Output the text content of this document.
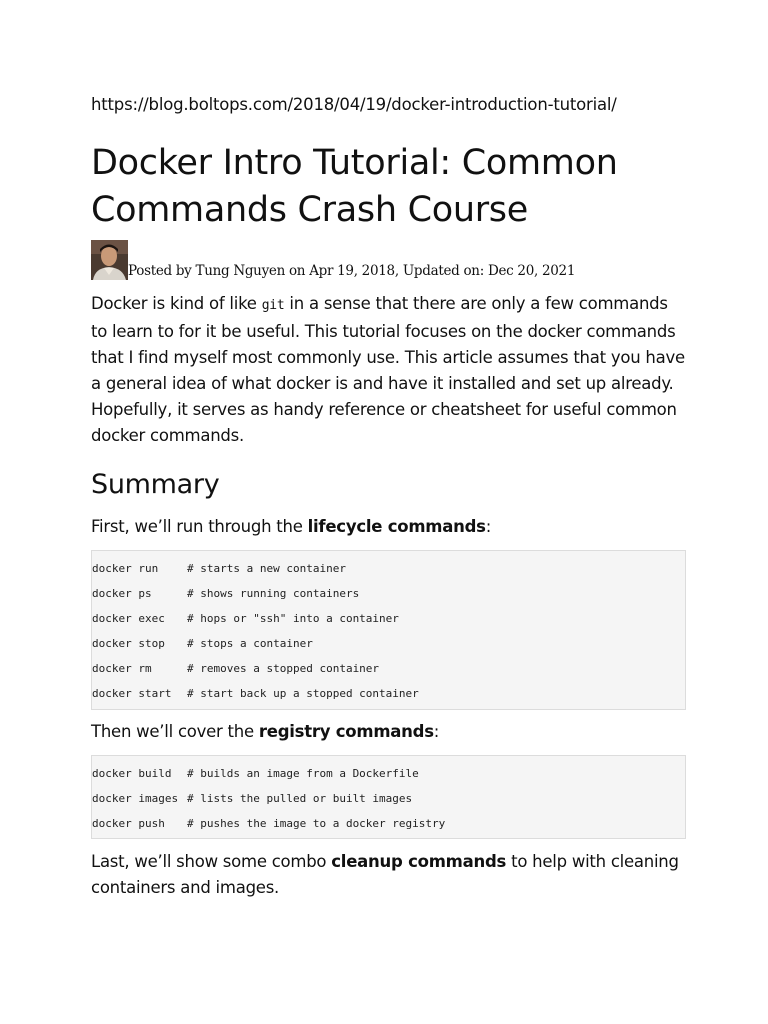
https://blog.boltops.com/2018/04/19/docker-introduction-tutorial/
Docker Intro Tutorial: Common Commands Crash Course
Posted by Tung Nguyen on Apr 19, 2018, Updated on: Dec 20, 2021

Docker is kind of like git in a sense that there are only a few commands to learn to for it be useful. This tutorial focuses on the docker commands that I find myself most commonly use. This article assumes that you have a general idea of what docker is and have it installed and set up already. Hopefully, it serves as handy reference or cheatsheet for useful common docker commands.

Summary

First, we’ll run through the lifecycle commands:

docker run	# starts a new container
docker ps	# shows running containers
docker exec # hops or "ssh" into a container
docker stop # stops a container
docker rm	# removes a stopped container
docker start # start back up a stopped container

Then we’ll cover the registry commands:

docker build # builds an image from a Dockerfile
docker images # lists the pulled or built images
docker push # pushes the image to a docker registry

Last, we’ll show some combo cleanup commands to help with cleaning containers and images.
